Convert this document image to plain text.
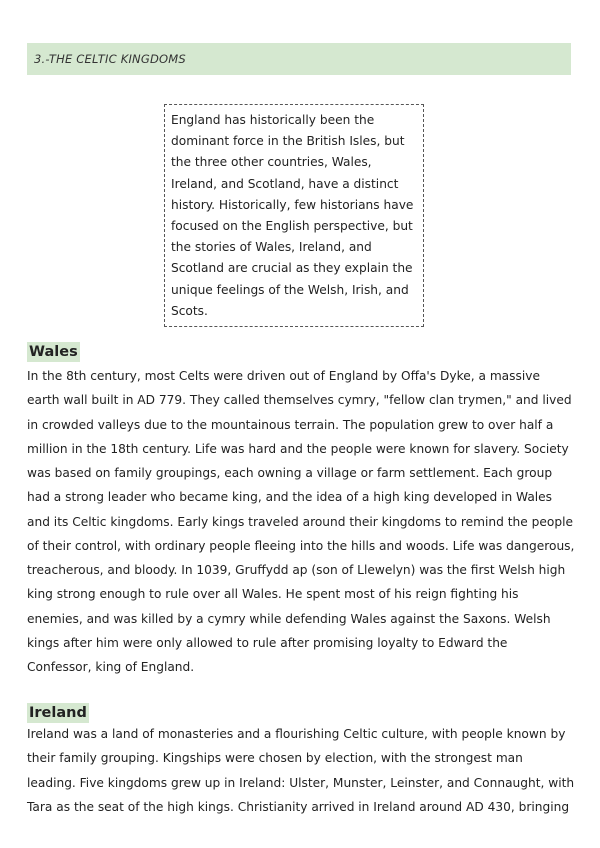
3.-THE CELTIC KINGDOMS

England has historically been the dominant force in the British Isles, but the three other countries, Wales, Ireland, and Scotland, have a distinct history. Historically, few historians have focused on the English perspective, but the stories of Wales, Ireland, and Scotland are crucial as they explain the unique feelings of the Welsh, Irish, and Scots.

Wales

In the 8th century, most Celts were driven out of England by Offa's Dyke, a massive earth wall built in AD 779. They called themselves cymry, "fellow clan trymen," and lived in crowded valleys due to the mountainous terrain. The population grew to over half a million in the 18th century. Life was hard and the people were known for slavery. Society was based on family groupings, each owning a village or farm settlement. Each group had a strong leader who became king, and the idea of a high king developed in Wales and its Celtic kingdoms. Early kings traveled around their kingdoms to remind the people of their control, with ordinary people fleeing into the hills and woods. Life was dangerous, treacherous, and bloody. In 1039, Gruffydd ap (son of Llewelyn) was the first Welsh high king strong enough to rule over all Wales. He spent most of his reign fighting his enemies, and was killed by a cymry while defending Wales against the Saxons. Welsh kings after him were only allowed to rule after promising loyalty to Edward the Confessor, king of England.

Ireland

Ireland was a land of monasteries and a flourishing Celtic culture, with people known by their family grouping. Kingships were chosen by election, with the strongest man leading. Five kingdoms grew up in Ireland: Ulster, Munster, Leinster, and Connaught, with Tara as the seat of the high kings. Christianity arrived in Ireland around AD 430, bringing
